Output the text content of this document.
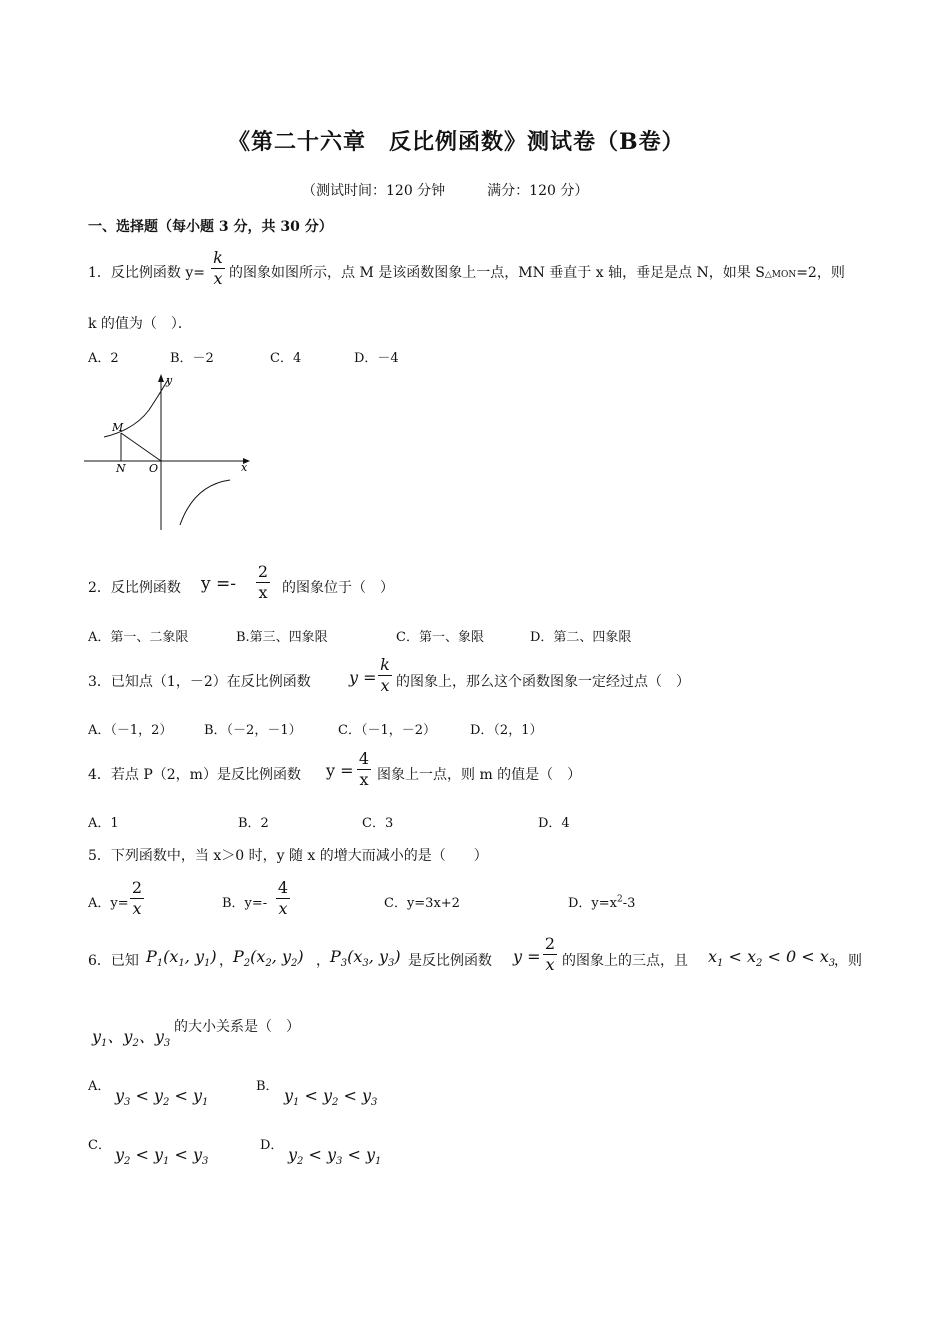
《第二十六章　反比例函数》测试卷（B卷）
（测试时间：120 分钟　　　满分：120 分）
一、选择题（每小题 3 分，共 30 分）
1．反比例函数 y=
k
x 的图象如图所示，点 M 是该函数图象上一点，MN 垂直于 x 轴，垂足是点 N，如果 S△MON=2，则
k 的值为（　）．
A．2	B．－2	C．4	D．－4
y
x
M
N O
2．反比例函数 y =-
2
x 的图象位于（　）
A．第一、二象限	B.第三、四象限	C．第一、象限	D．第二、四象限
3．已知点（1，－2）在反比例函数 y =
k
x 的图象上，那么这个函数图象一定经过点（　）
A．（－1，2） B．（－2，－1）	C．（－1，－2）	D．（2，1）
4．若点 P（2，m）是反比例函数 y =
4
x 图象上一点，则 m 的值是（　）
A．1	B．2	C．3	D．4
5．下列函数中，当 x＞0 时，y 随 x 的增大而减小的是（　　）
A．y=
2
x	B．y=-
4
x	C．y=3x+2	D．$y=x^2-3$
6．已知 $P_1(x_1$, $y_1$) ， $P_2(x_2$, $y_2$) ， $P_3(x_3$, $y_3$) 是反比例函数 y =
2
x 的图象上的三点，且 $x_1 < x_2 < 0 < x_3$
，则
$y_1$、$y_2$、$y_3$
的大小关系是（　）
A． $y_3 < y_2 < y_1$
B． $y_1 < y_2 < y_3$
C． $y_2 < y_1 < y_3$
D． $y_2 < y_3 < y_1$
